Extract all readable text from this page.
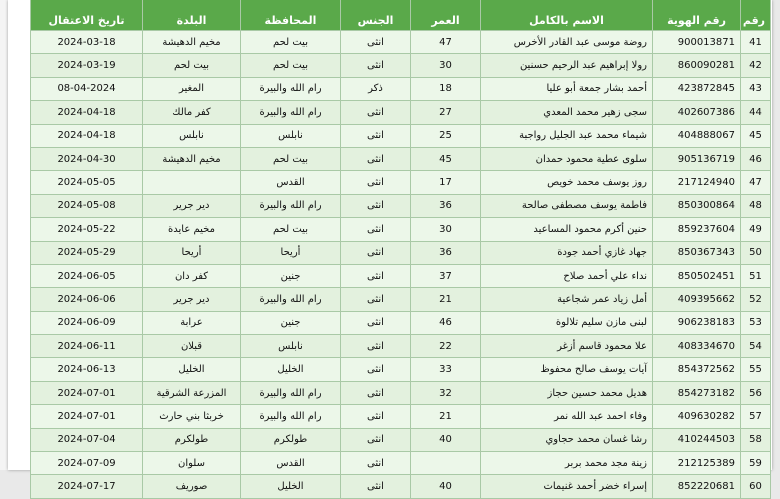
رقم	رقم الهوية	الاسم بالكامل	العمر	الجنس	المحافظة	البلدة	تاريخ الاعتقال
41	900013871	روضة موسى عبد القادر الأخرس	47	انثى	بيت لحم	مخيم الدهيشة	2024-03-18
42	860090281	رولا إبراهيم عبد الرحيم حسنين	30	انثى	بيت لحم	بيت لحم	2024-03-19
43	423872845	أحمد بشار جمعة أبو عليا	18	ذكر	رام الله والبيرة	المغير	08-04-2024
44	402607386	سجى زهير محمد المعدي	27	انثى	رام الله والبيرة	كفر مالك	2024-04-18
45	404888067	شيماء محمد عبد الجليل رواجبة	25	انثى	نابلس	نابلس	2024-04-18
46	905136719	سلوى عطية محمود حمدان	45	انثى	بيت لحم	مخيم الدهيشة	2024-04-30
47	217124940	روز يوسف محمد خويص	17	انثى	القدس		2024-05-05
48	850300864	فاطمة يوسف مصطفى صالحة	36	انثى	رام الله والبيرة	دير جرير	2024-05-08
49	859237604	حنين أكرم محمود المساعيد	30	انثى	بيت لحم	مخيم عايدة	2024-05-22
50	850367343	جهاد غازي أحمد جودة	36	انثى	أريحا	أريحا	2024-05-29
51	850502451	نداء علي أحمد صلاح	37	انثى	جنين	كفر دان	2024-06-05
52	409395662	أمل زياد عمر شجاعية	21	انثى	رام الله والبيرة	دير جرير	2024-06-06
53	906238183	لبنى مازن سليم تلالوة	46	انثى	جنين	عرابة	2024-06-09
54	408334670	علا محمود قاسم أزغر	22	انثى	نابلس	قبلان	2024-06-11
55	854372562	آيات يوسف صالح محفوظ	33	انثى	الخليل	الخليل	2024-06-13
56	854273182	هديل محمد حسين حجاز	32	انثى	رام الله والبيرة	المزرعة الشرقية	2024-07-01
57	409630282	وفاء احمد عبد الله نمر	21	انثى	رام الله والبيرة	خربثا بني حارث	2024-07-01
58	410244503	رشا غسان محمد حجاوي	40	انثى	طولكرم	طولكرم	2024-07-04
59	212125389	زينة مجد محمد بربر		انثى	القدس	سلوان	2024-07-09
60	852220681	إسراء خضر أحمد غنيمات	40	انثى	الخليل	صوريف	2024-07-17
